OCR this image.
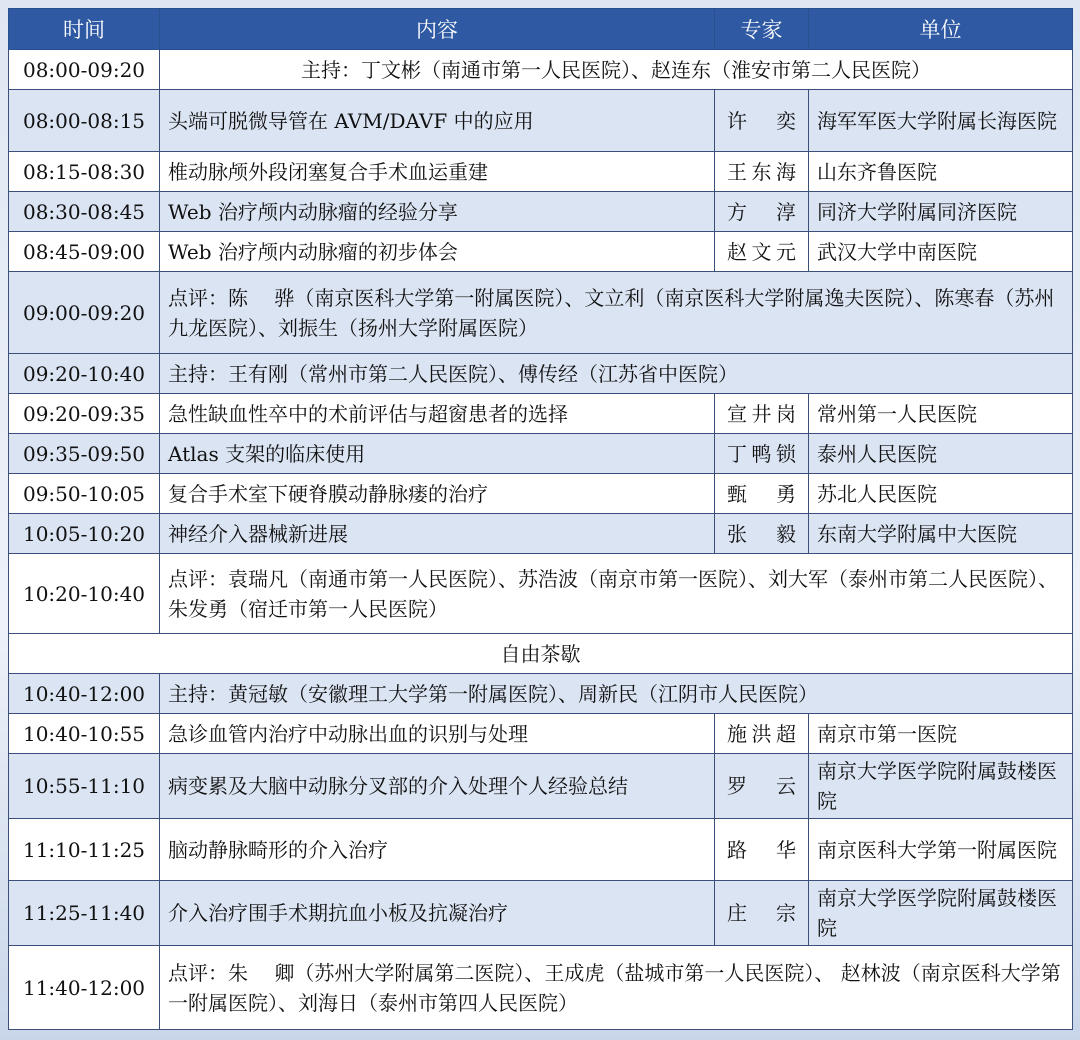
时间	内容	专家	单位
08:00-09:20	主持：丁文彬（南通市第一人民医院）、赵连东（淮安市第二人民医院）		
08:00-08:15	头端可脱微导管在 AVM/DAVF 中的应用	许 奕	海军军医大学附属长海医院
08:15-08:30	椎动脉颅外段闭塞复合手术血运重建	王东海	山东齐鲁医院
08:30-08:45	Web 治疗颅内动脉瘤的经验分享	方 淳	同济大学附属同济医院
08:45-09:00	Web 治疗颅内动脉瘤的初步体会	赵文元	武汉大学中南医院
09:00-09:20	点评：陈　 骅（南京医科大学第一附属医院）、文立利（南京医科大学附属逸夫医院）、陈寒春（苏州九龙医院）、刘振生（扬州大学附属医院）		
09:20-10:40	主持：王有刚（常州市第二人民医院）、傅传经（江苏省中医院）		
09:20-09:35	急性缺血性卒中的术前评估与超窗患者的选择	宣井岗	常州第一人民医院
09:35-09:50	Atlas 支架的临床使用	丁鸭锁	泰州人民医院
09:50-10:05	复合手术室下硬脊膜动静脉瘘的治疗	甄 勇	苏北人民医院
10:05-10:20	神经介入器械新进展	张 毅	东南大学附属中大医院
10:20-10:40	点评：袁瑞凡（南通市第一人民医院）、苏浩波（南京市第一医院）、刘大军（泰州市第二人民医院）、朱发勇（宿迁市第一人民医院）		
自由茶歇			
10:40-12:00	主持：黄冠敏（安徽理工大学第一附属医院）、周新民（江阴市人民医院）		
10:40-10:55	急诊血管内治疗中动脉出血的识别与处理	施洪超	南京市第一医院
10:55-11:10	病变累及大脑中动脉分叉部的介入处理个人经验总结	罗 云	南京大学医学院附属鼓楼医院
11:10-11:25	脑动静脉畸形的介入治疗	路 华	南京医科大学第一附属医院
11:25-11:40	介入治疗围手术期抗血小板及抗凝治疗	庄 宗	南京大学医学院附属鼓楼医院
11:40-12:00	点评：朱　 卿（苏州大学附属第二医院）、王成虎（盐城市第一人民医院）、 赵林波（南京医科大学第一附属医院）、刘海日（泰州市第四人民医院）		
